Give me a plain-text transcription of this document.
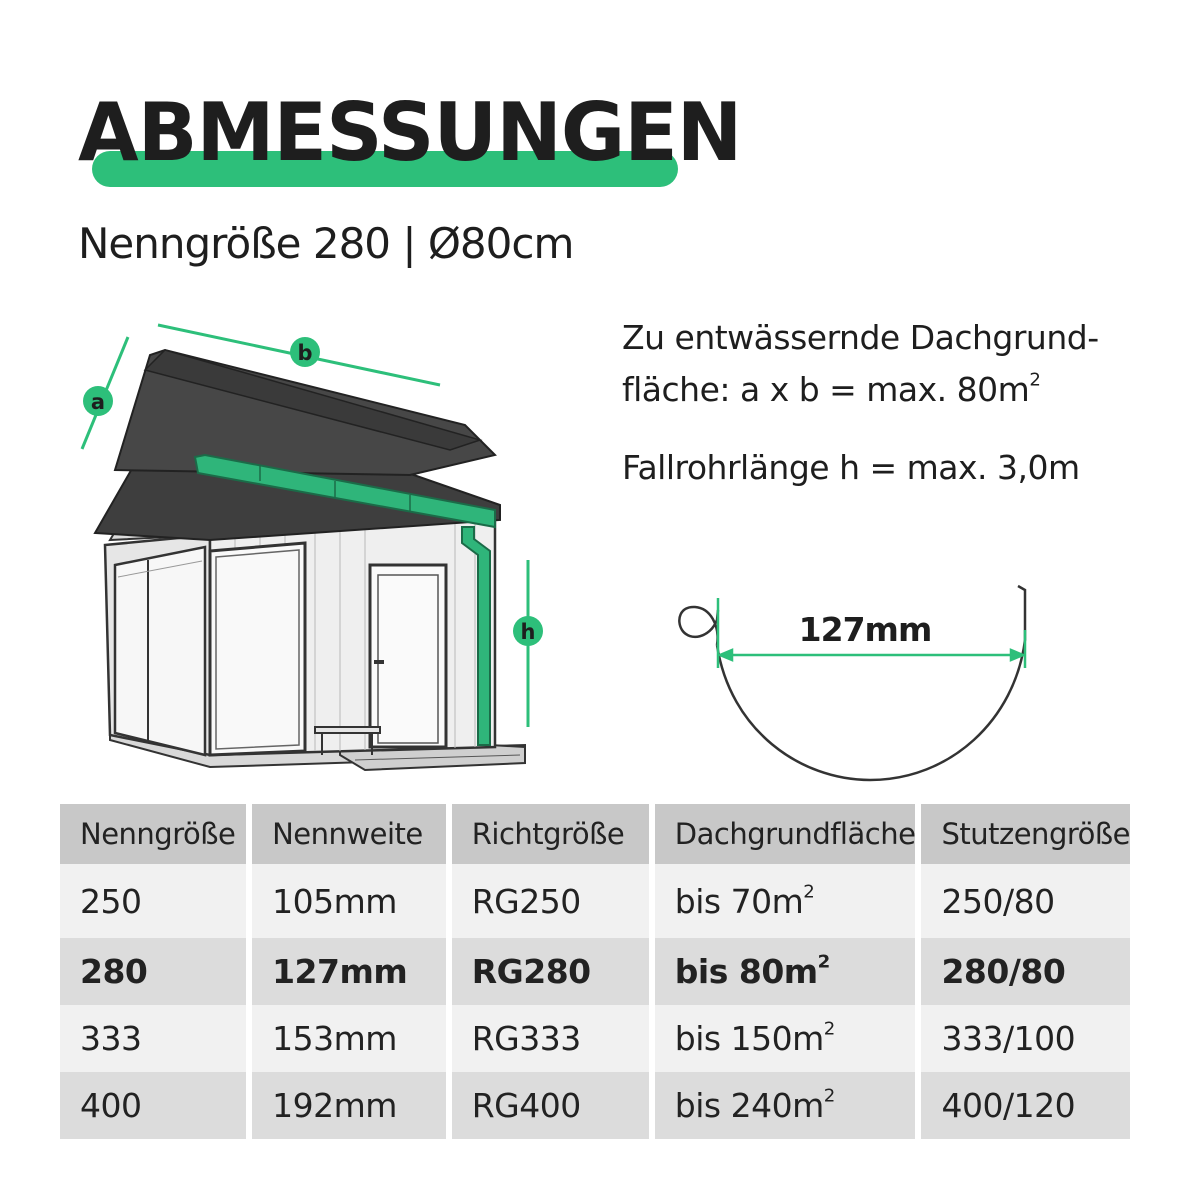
ABMESSUNGEN

Nenngröße 280 | Ø80cm

b
a
h

Zu entwässernde Dachgrund-

fläche: a x b = max. $80m^2$

Fallrohrlänge h = max. 3,0m

127mm
Nenngröße	Nennweite	Richtgröße	Dachgrundfläche	Stutzengröße
250	105mm	RG250	bis $70m^2$	250/80
280	127mm	RG280	bis $80m^2$	280/80
333	153mm	RG333	bis $150m^2$	333/100
400	192mm	RG400	bis $240m^2$	400/120
